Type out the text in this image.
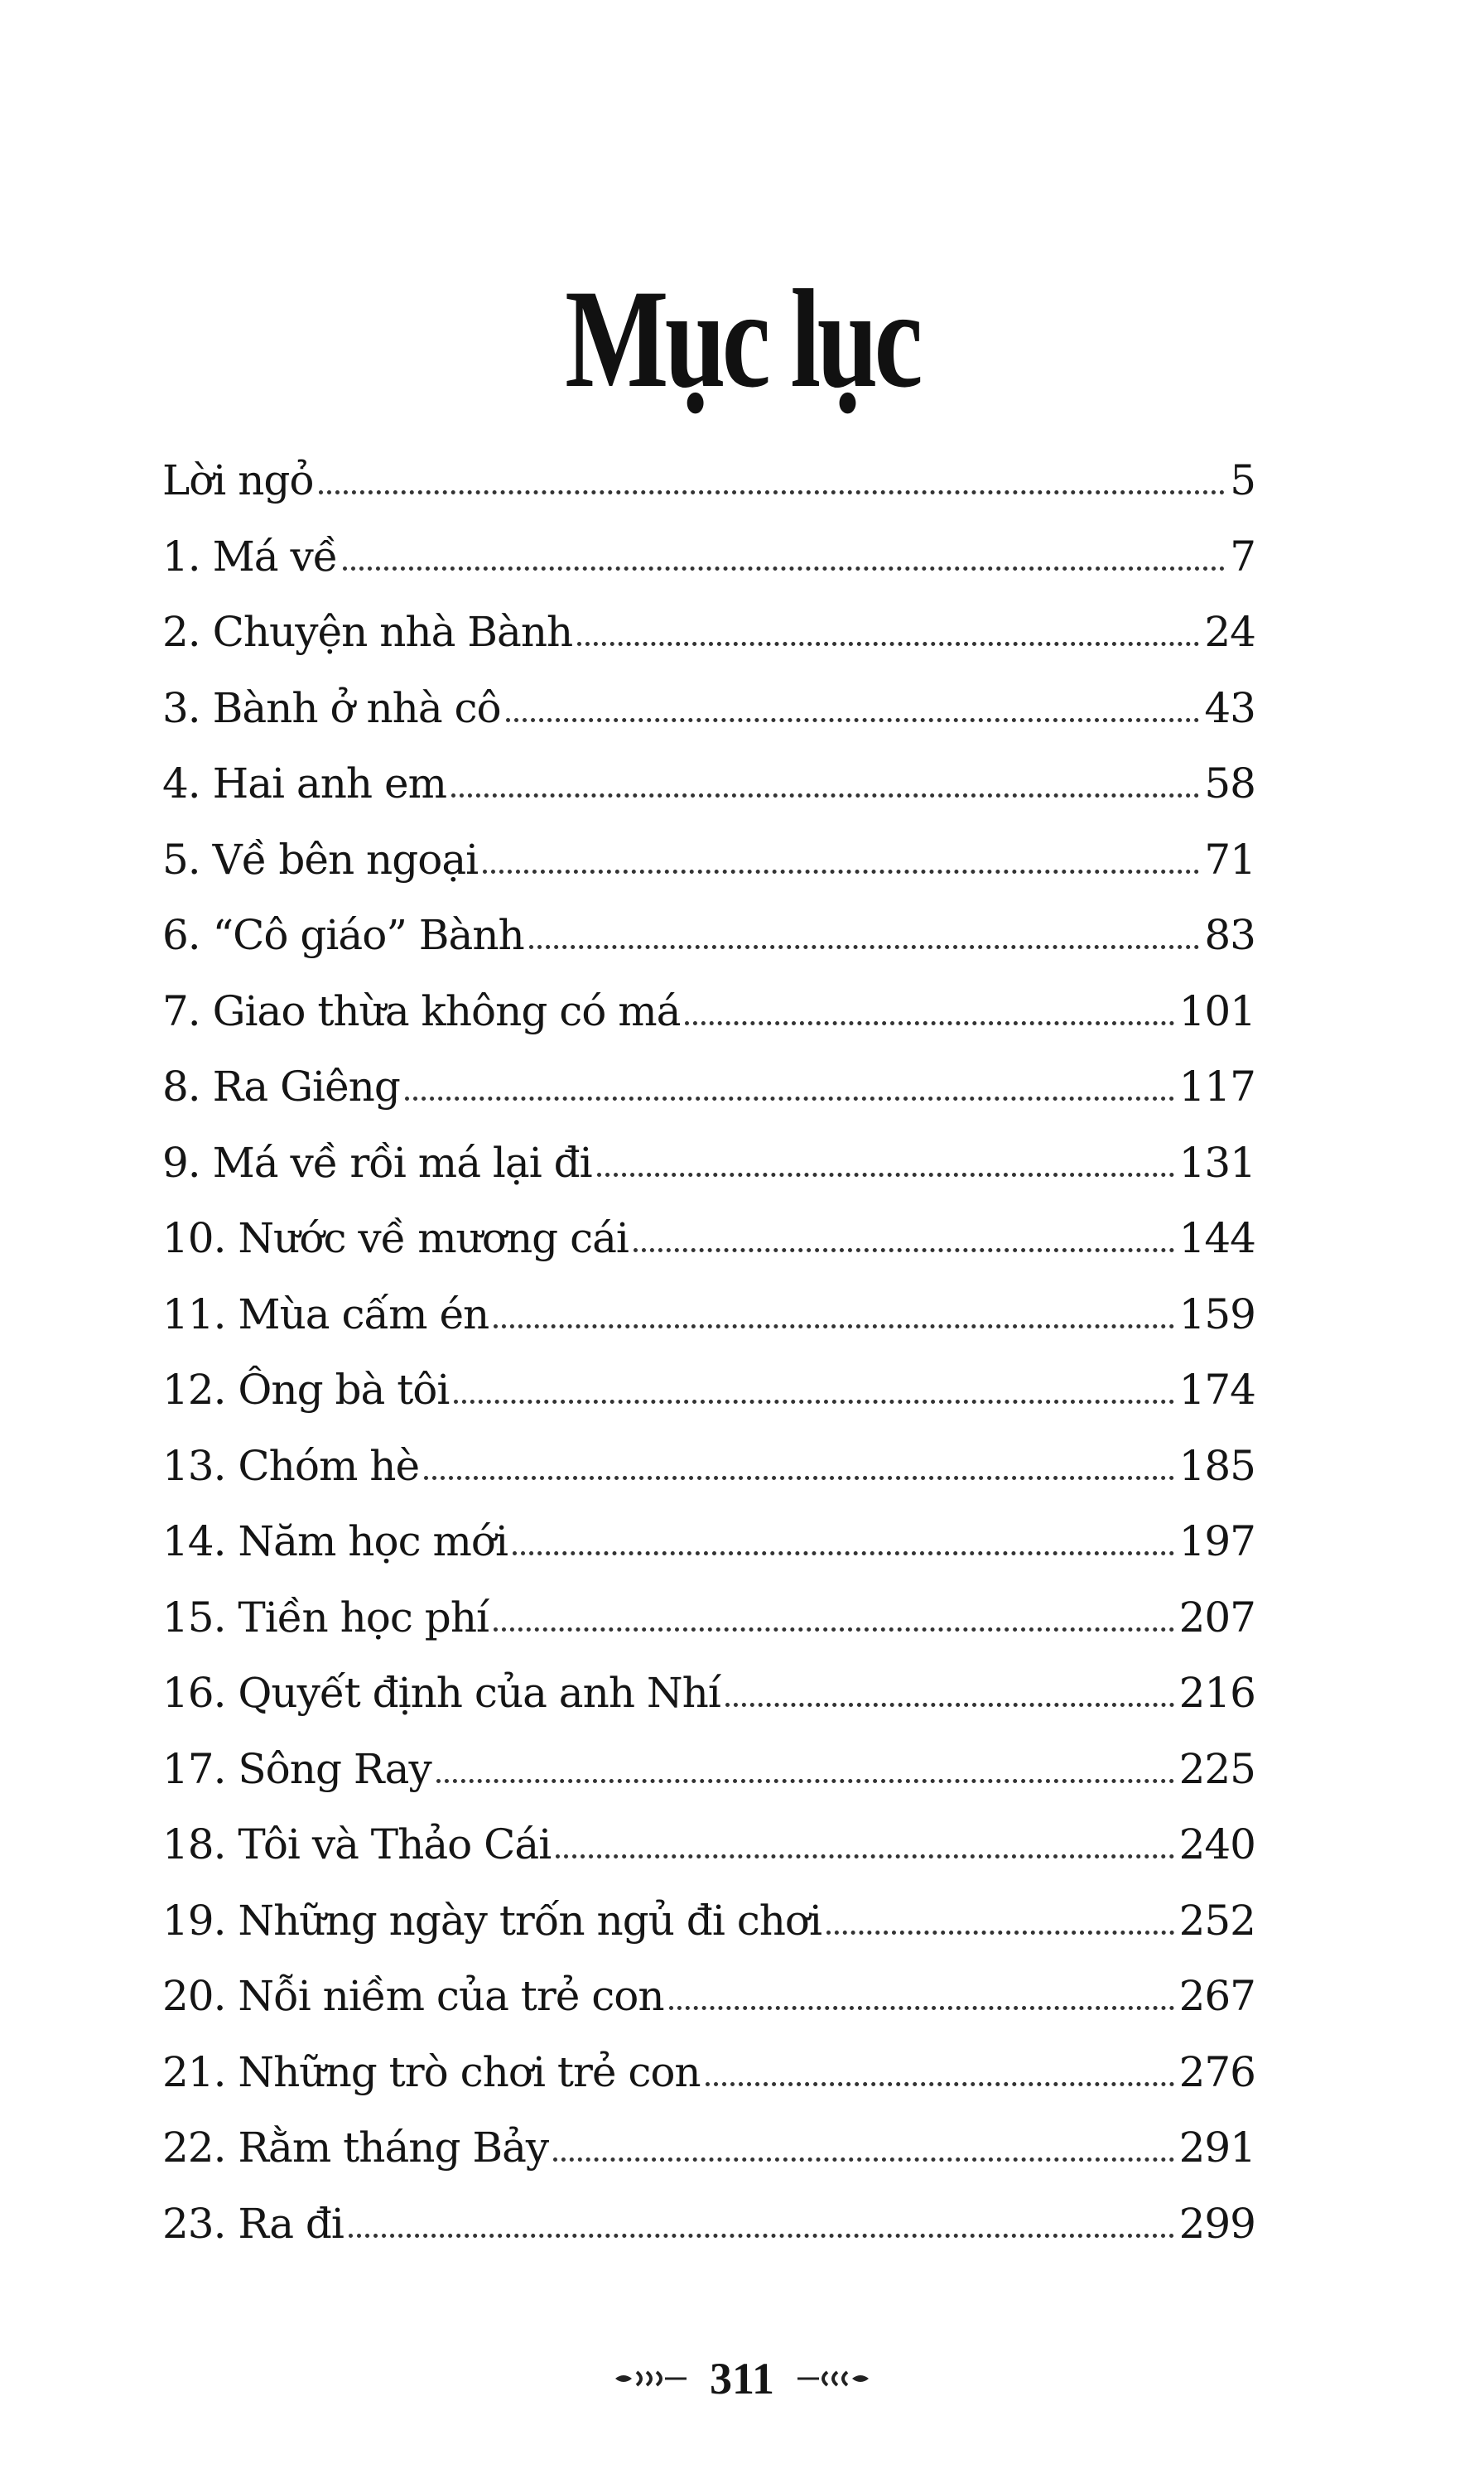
Mục lục
Lời ngỏ	5
1. Má về	7
2. Chuyện nhà Bành	24
3. Bành ở nhà cô	43
4. Hai anh em	58
5. Về bên ngoại	71
6. “Cô giáo” Bành	83
7. Giao thừa không có má	101
8. Ra Giêng	117
9. Má về rồi má lại đi	131
10. Nước về mương cái	144
11. Mùa cấm én	159
12. Ông bà tôi	174
13. Chóm hè	185
14. Năm học mới	197
15. Tiền học phí	207
16. Quyết định của anh Nhí	216
17. Sông Ray	225
18. Tôi và Thảo Cái	240
19. Những ngày trốn ngủ đi chơi	252
20. Nỗi niềm của trẻ con	267
21. Những trò chơi trẻ con	276
22. Rằm tháng Bảy	291
23. Ra đi	299
311
